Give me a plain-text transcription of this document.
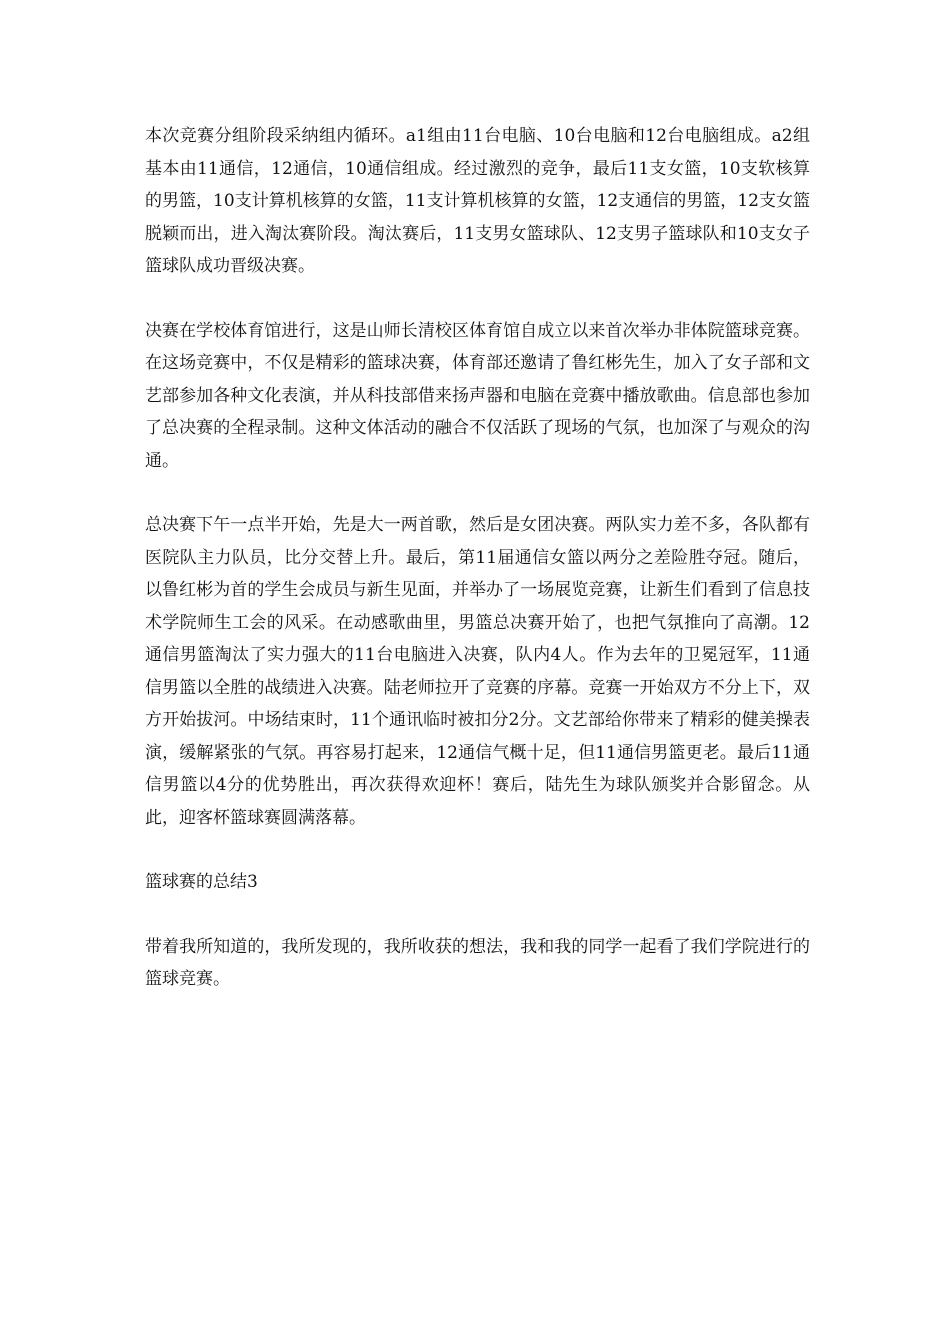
本次竞赛分组阶段采纳组内循环。a1组由11台电脑、10台电脑和12台电脑组成。a2组基本由11通信，12通信，10通信组成。经过激烈的竞争，最后11支女篮，10支软核算的男篮，10支计算机核算的女篮，11支计算机核算的女篮，12支通信的男篮，12支女篮脱颖而出，进入淘汰赛阶段。淘汰赛后，11支男女篮球队、12支男子篮球队和10支女子篮球队成功晋级决赛。

决赛在学校体育馆进行，这是山师长清校区体育馆自成立以来首次举办非体院篮球竞赛。在这场竞赛中，不仅是精彩的篮球决赛，体育部还邀请了鲁红彬先生，加入了女子部和文艺部参加各种文化表演，并从科技部借来扬声器和电脑在竞赛中播放歌曲。信息部也参加了总决赛的全程录制。这种文体活动的融合不仅活跃了现场的气氛，也加深了与观众的沟通。

总决赛下午一点半开始，先是大一两首歌，然后是女团决赛。两队实力差不多，各队都有医院队主力队员，比分交替上升。最后，第11届通信女篮以两分之差险胜夺冠。随后，以鲁红彬为首的学生会成员与新生见面，并举办了一场展览竞赛，让新生们看到了信息技术学院师生工会的风采。在动感歌曲里，男篮总决赛开始了，也把气氛推向了高潮。12通信男篮淘汰了实力强大的11台电脑进入决赛，队内4人。作为去年的卫冕冠军，11通信男篮以全胜的战绩进入决赛。陆老师拉开了竞赛的序幕。竞赛一开始双方不分上下，双方开始拔河。中场结束时，11个通讯临时被扣分2分。文艺部给你带来了精彩的健美操表演，缓解紧张的气氛。再容易打起来，12通信气概十足，但11通信男篮更老。最后11通信男篮以4分的优势胜出，再次获得欢迎杯！赛后，陆先生为球队颁奖并合影留念。从此，迎客杯篮球赛圆满落幕。

篮球赛的总结3

带着我所知道的，我所发现的，我所收获的想法，我和我的同学一起看了我们学院进行的篮球竞赛。
